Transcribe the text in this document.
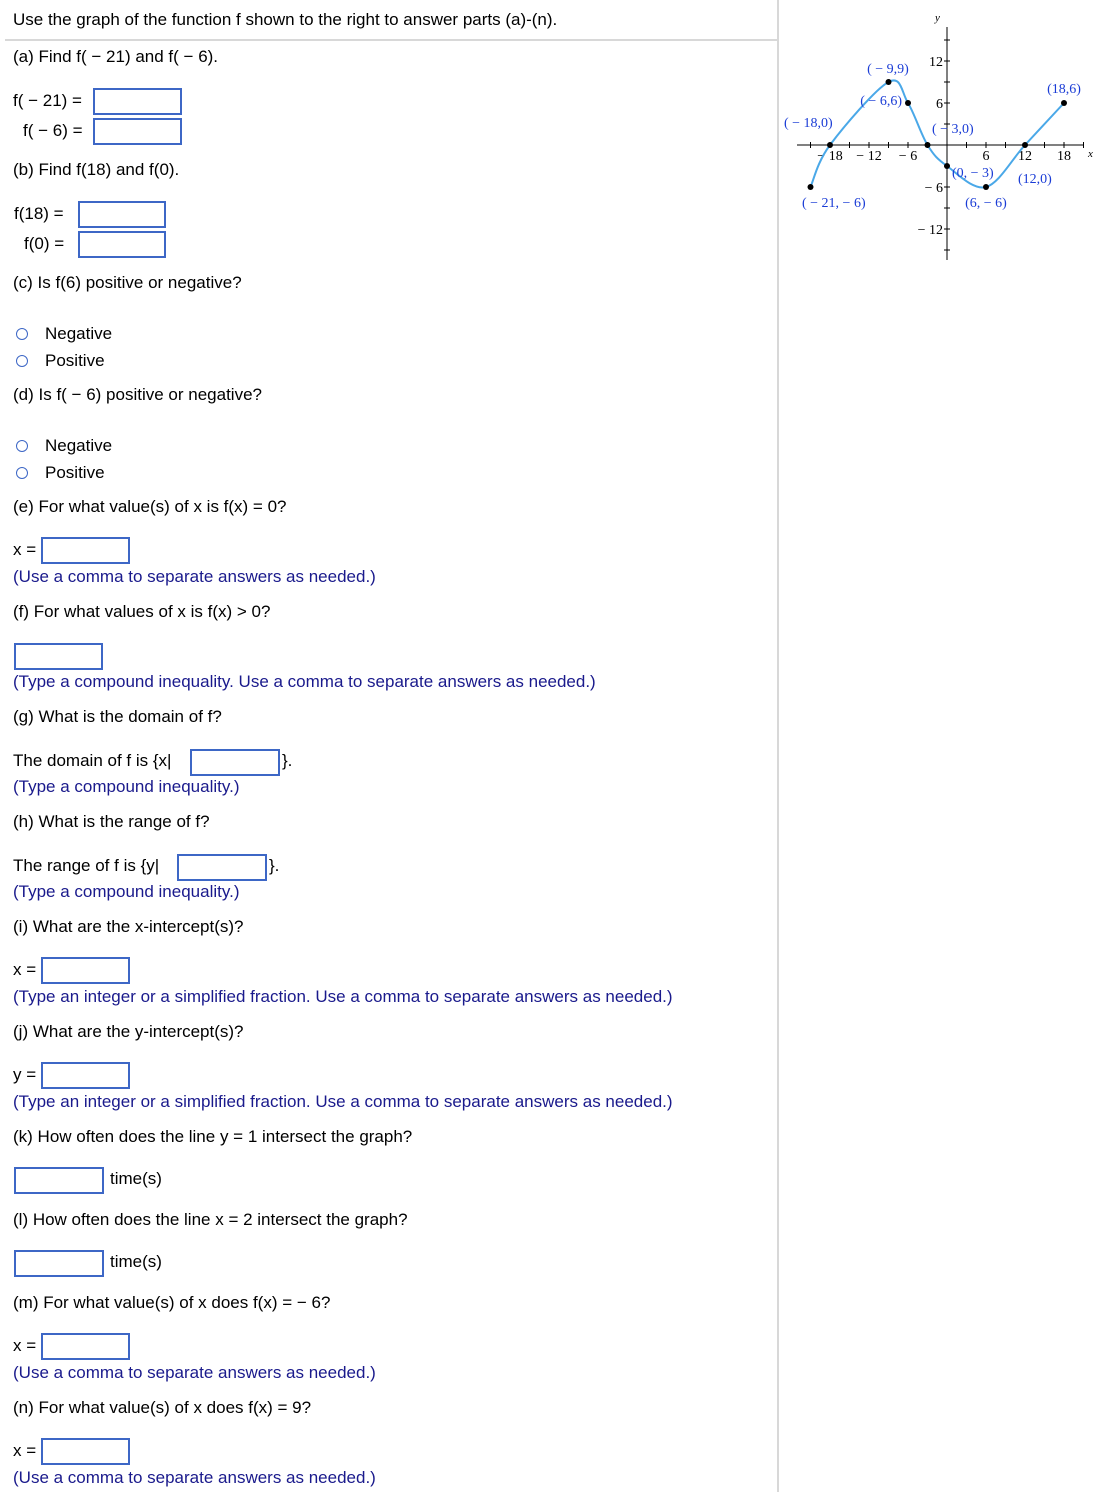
Use the graph of the function f shown to the right to answer parts (a)-(n).
(a) Find f( − 21) and f( − 6).
f( − 21) =
f( − 6) =
(b) Find f(18) and f(0).
f(18) =
f(0) =
(c) Is f(6) positive or negative?
Negative
Positive
(d) Is f( − 6) positive or negative?
Negative
Positive
(e) For what value(s) of x is f(x) = 0?
x =
(Use a comma to separate answers as needed.)
(f) For what values of x is f(x) > 0?
(Type a compound inequality. Use a comma to separate answers as needed.)
(g) What is the domain of f?
The domain of f is {x|	}.
(Type a compound inequality.)
(h) What is the range of f?
The range of f is {y|	}.
(Type a compound inequality.)
(i) What are the x-intercept(s)?
x =
(Type an integer or a simplified fraction. Use a comma to separate answers as needed.)
(j) What are the y-intercept(s)?
y =
(Type an integer or a simplified fraction. Use a comma to separate answers as needed.)
(k) How often does the line y = 1 intersect the graph?
time(s)
(l) How often does the line x = 2 intersect the graph?
time(s)
(m) For what value(s) of x does f(x) = − 6?
x =
(Use a comma to separate answers as needed.)
(n) For what value(s) of x does f(x) = 9?
x =
(Use a comma to separate answers as needed.)
x
y
− 18 − 12 − 6	6 12 18
− 12
− 6
6
12
( − 21, − 6)
( − 18,0)
( − 9,9)
( − 6,6)
( − 3,0)
(0, − 3)
(6, − 6)
(12,0)
(18,6)
